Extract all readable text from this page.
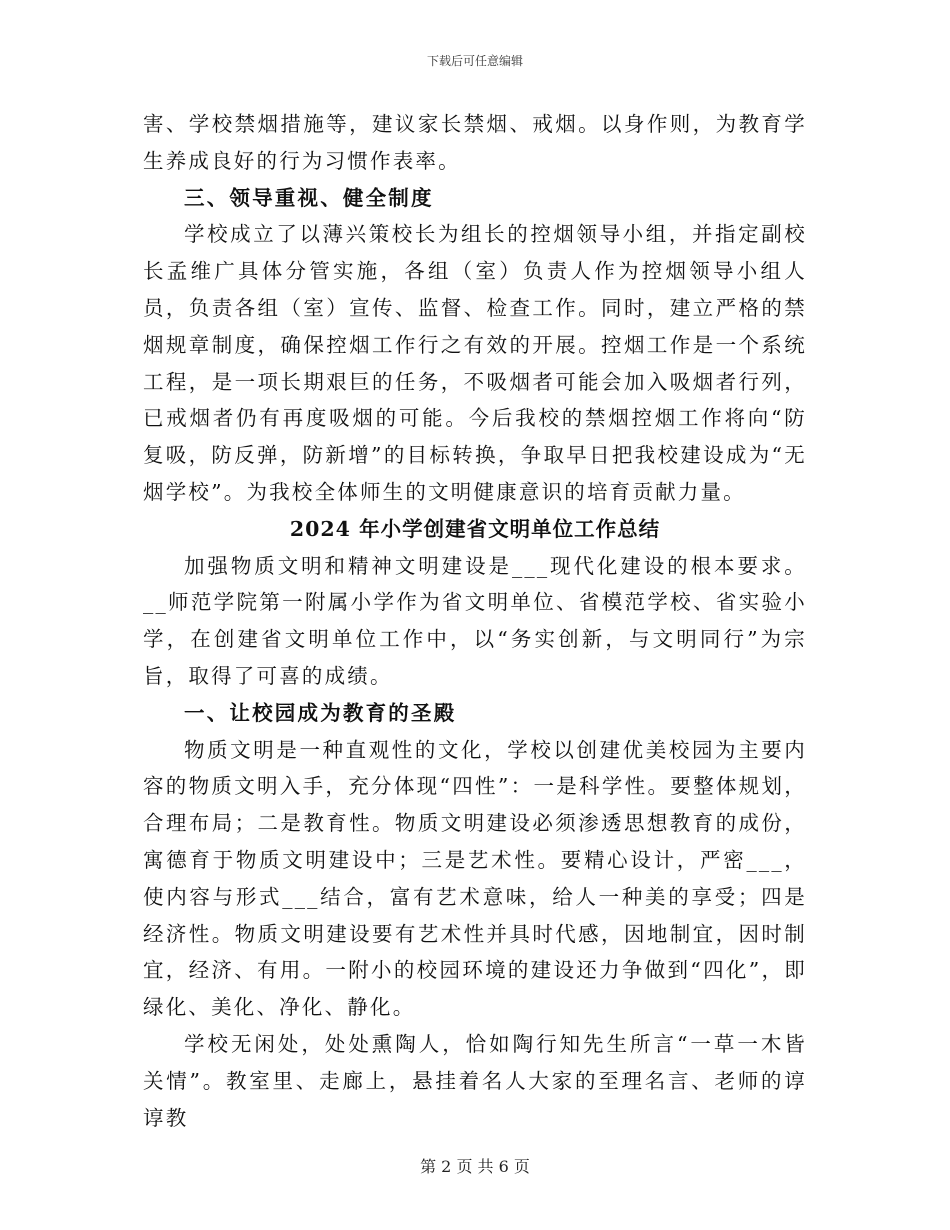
下载后可任意编辑

害、学校禁烟措施等，建议家长禁烟、戒烟。以身作则，为教育学生养成良好的行为习惯作表率。

三、领导重视、健全制度

学校成立了以薄兴策校长为组长的控烟领导小组，并指定副校长孟维广具体分管实施，各组（室）负责人作为控烟领导小组人员，负责各组（室）宣传、监督、检查工作。同时，建立严格的禁烟规章制度，确保控烟工作行之有效的开展。控烟工作是一个系统工程，是一项长期艰巨的任务，不吸烟者可能会加入吸烟者行列，已戒烟者仍有再度吸烟的可能。今后我校的禁烟控烟工作将向“防复吸，防反弹，防新增”的目标转换，争取早日把我校建设成为“无烟学校”。为我校全体师生的文明健康意识的培育贡献力量。

2024 年小学创建省文明单位工作总结

加强物质文明和精神文明建设是___现代化建设的根本要求。__师范学院第一附属小学作为省文明单位、省模范学校、省实验小学，在创建省文明单位工作中，以“务实创新，与文明同行”为宗旨，取得了可喜的成绩。

一、让校园成为教育的圣殿

物质文明是一种直观性的文化，学校以创建优美校园为主要内容的物质文明入手，充分体现“四性”：一是科学性。要整体规划，合理布局；二是教育性。物质文明建设必须渗透思想教育的成份，寓德育于物质文明建设中；三是艺术性。要精心设计，严密___，使内容与形式___结合，富有艺术意味，给人一种美的享受；四是经济性。物质文明建设要有艺术性并具时代感，因地制宜，因时制宜，经济、有用。一附小的校园环境的建设还力争做到“四化”，即绿化、美化、净化、静化。

学校无闲处，处处熏陶人，恰如陶行知先生所言“一草一木皆关情”。教室里、走廊上，悬挂着名人大家的至理名言、老师的谆谆教

第 2 页 共 6 页
